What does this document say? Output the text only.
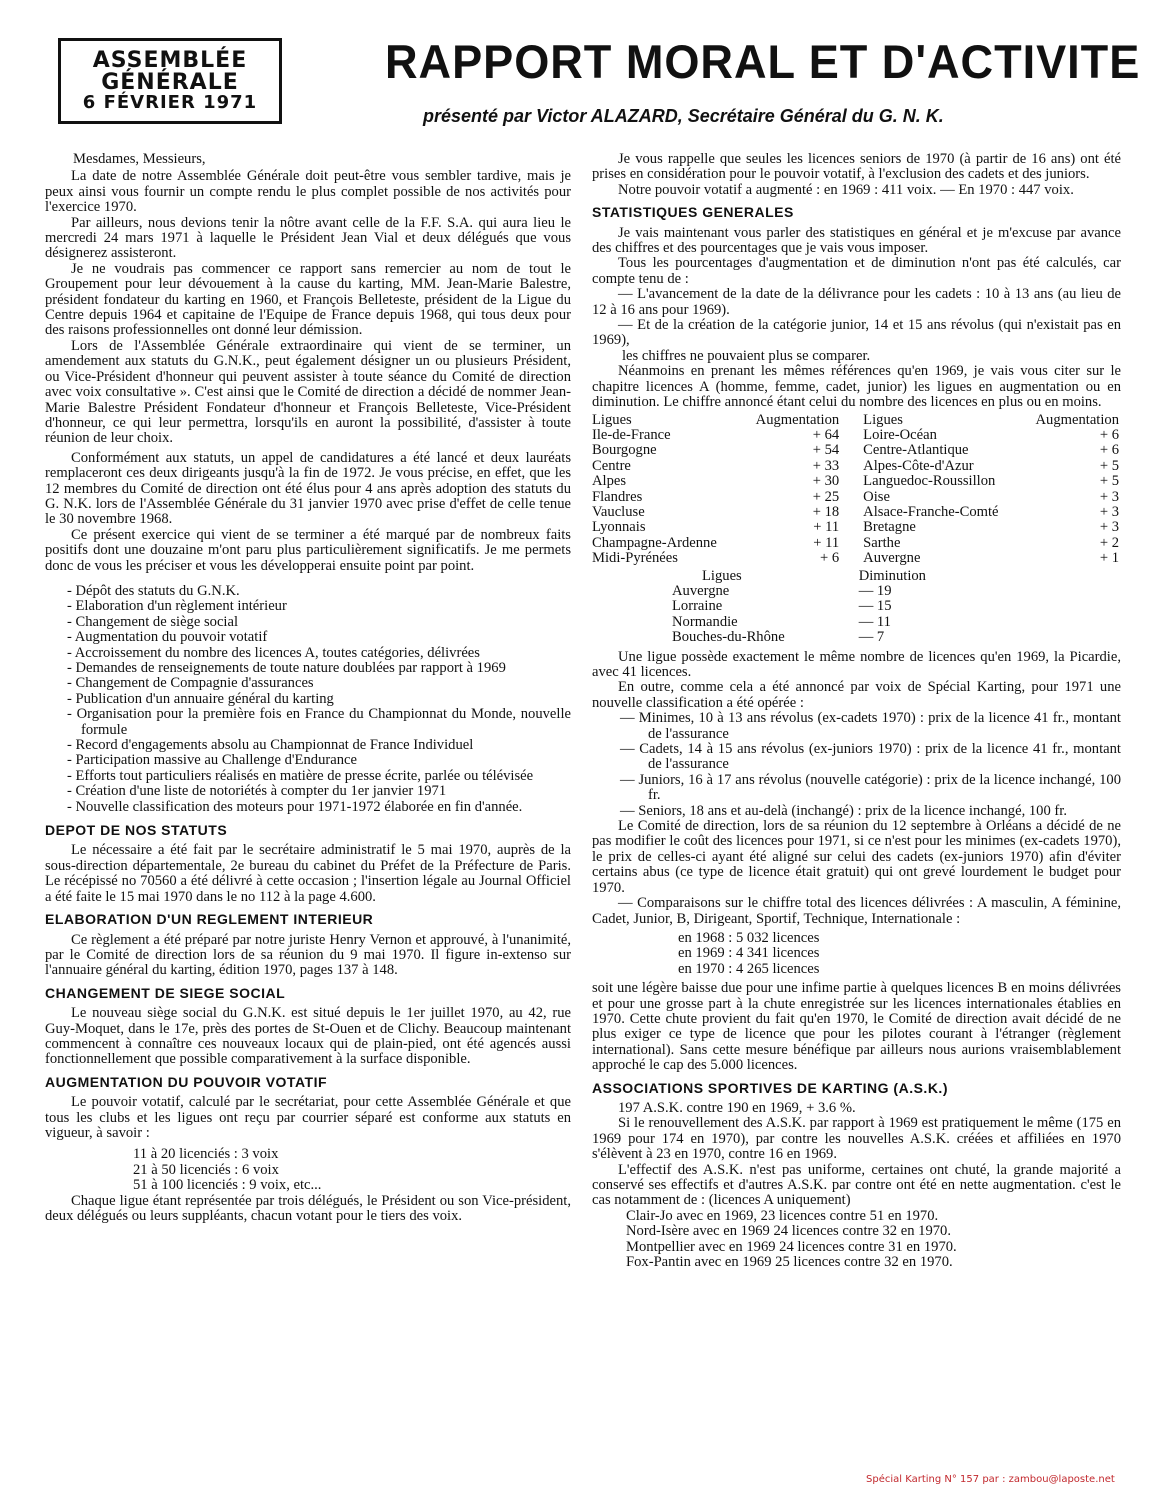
ASSEMBLÉE
GÉNÉRALE
6 FÉVRIER 1971
RAPPORT MORAL ET D'ACTIVITE
présenté par Victor ALAZARD, Secrétaire Général du G. N. K.

Mesdames, Messieurs,

La date de notre Assemblée Générale doit peut-être vous sembler tardive, mais je peux ainsi vous fournir un compte rendu le plus complet possible de nos activités pour l'exercice 1970.

Par ailleurs, nous devions tenir la nôtre avant celle de la F.F. S.A. qui aura lieu le mercredi 24 mars 1971 à laquelle le Président Jean Vial et deux délégués que vous désignerez assisteront.

Je ne voudrais pas commencer ce rapport sans remercier au nom de tout le Groupement pour leur dévouement à la cause du karting, MM. Jean-Marie Balestre, président fondateur du karting en 1960, et François Belleteste, président de la Ligue du Centre depuis 1964 et capitaine de l'Equipe de France depuis 1968, qui tous deux pour des raisons professionnelles ont donné leur démission.

Lors de l'Assemblée Générale extraordinaire qui vient de se terminer, un amendement aux statuts du G.N.K., peut également désigner un ou plusieurs Président, ou Vice-Président d'honneur qui peuvent assister à toute séance du Comité de direction avec voix consultative ». C'est ainsi que le Comité de direction a décidé de nommer Jean-Marie Balestre Président Fondateur d'honneur et François Belleteste, Vice-Président d'honneur, ce qui leur permettra, lorsqu'ils en auront la possibilité, d'assister à toute réunion de leur choix.

Conformément aux statuts, un appel de candidatures a été lancé et deux lauréats remplaceront ces deux dirigeants jusqu'à la fin de 1972. Je vous précise, en effet, que les 12 membres du Comité de direction ont été élus pour 4 ans après adoption des statuts du G. N.K. lors de l'Assemblée Générale du 31 janvier 1970 avec prise d'effet de celle tenue le 30 novembre 1968.

Ce présent exercice qui vient de se terminer a été marqué par de nombreux faits positifs dont une douzaine m'ont paru plus particulièrement significatifs. Je me permets donc de vous les préciser et vous les développerai ensuite point par point.

- Dépôt des statuts du G.N.K.
- Elaboration d'un règlement intérieur
- Changement de siège social
- Augmentation du pouvoir votatif
- Accroissement du nombre des licences A, toutes catégories, délivrées
- Demandes de renseignements de toute nature doublées par rapport à 1969
- Changement de Compagnie d'assurances
- Publication d'un annuaire général du karting
- Organisation pour la première fois en France du Championnat du Monde, nouvelle formule
- Record d'engagements absolu au Championnat de France Individuel
- Participation massive au Challenge d'Endurance
- Efforts tout particuliers réalisés en matière de presse écrite, parlée ou télévisée
- Création d'une liste de notoriétés à compter du 1er janvier 1971
- Nouvelle classification des moteurs pour 1971-1972 élaborée en fin d'année.
DEPOT DE NOS STATUTS

Le nécessaire a été fait par le secrétaire administratif le 5 mai 1970, auprès de la sous-direction départementale, 2e bureau du cabinet du Préfet de la Préfecture de Paris. Le récépissé no 70560 a été délivré à cette occasion ; l'insertion légale au Journal Officiel a été faite le 15 mai 1970 dans le no 112 à la page 4.600.

ELABORATION D'UN REGLEMENT INTERIEUR

Ce règlement a été préparé par notre juriste Henry Vernon et approuvé, à l'unanimité, par le Comité de direction lors de sa réunion du 9 mai 1970. Il figure in-extenso sur l'annuaire général du karting, édition 1970, pages 137 à 148.

CHANGEMENT DE SIEGE SOCIAL

Le nouveau siège social du G.N.K. est situé depuis le 1er juillet 1970, au 42, rue Guy-Moquet, dans le 17e, près des portes de St-Ouen et de Clichy. Beaucoup maintenant commencent à connaître ces nouveaux locaux qui de plain-pied, ont été agencés aussi fonctionnellement que possible comparativement à la surface disponible.

AUGMENTATION DU POUVOIR VOTATIF

Le pouvoir votatif, calculé par le secrétariat, pour cette Assemblée Générale et que tous les clubs et les ligues ont reçu par courrier séparé est conforme aux statuts en vigueur, à savoir :

11 à 20 licenciés : 3 voix
21 à 50 licenciés : 6 voix
51 à 100 licenciés : 9 voix, etc...

Chaque ligue étant représentée par trois délégués, le Président ou son Vice-président, deux délégués ou leurs suppléants, chacun votant pour le tiers des voix.

Je vous rappelle que seules les licences seniors de 1970 (à partir de 16 ans) ont été prises en considération pour le pouvoir votatif, à l'exclusion des cadets et des juniors.

Notre pouvoir votatif a augmenté : en 1969 : 411 voix. — En 1970 : 447 voix.

STATISTIQUES GENERALES

Je vais maintenant vous parler des statistiques en général et je m'excuse par avance des chiffres et des pourcentages que je vais vous imposer.

Tous les pourcentages d'augmentation et de diminution n'ont pas été calculés, car compte tenu de :

— L'avancement de la date de la délivrance pour les cadets : 10 à 13 ans (au lieu de 12 à 16 ans pour 1969).

— Et de la création de la catégorie junior, 14 et 15 ans révolus (qui n'existait pas en 1969),

les chiffres ne pouvaient plus se comparer.

Néanmoins en prenant les mêmes références qu'en 1969, je vais vous citer sur le chapitre licences A (homme, femme, cadet, junior) les ligues en augmentation ou en diminution. Le chiffre annoncé étant celui du nombre des licences en plus ou en moins.

Ligues	Augmentation	Ligues	Augmentation
Ile-de-France	+ 64	Loire-Océan	+ 6
Bourgogne	+ 54	Centre-Atlantique	+ 6
Centre	+ 33	Alpes-Côte-d'Azur	+ 5
Alpes	+ 30	Languedoc-Roussillon	+ 5
Flandres	+ 25	Oise	+ 3
Vaucluse	+ 18	Alsace-Franche-Comté	+ 3
Lyonnais	+ 11	Bretagne	+ 3
Champagne-Ardenne	+ 11	Sarthe	+ 2
Midi-Pyrénées	+ 6	Auvergne	+ 1
Ligues	Diminution
Auvergne	— 19
Lorraine	— 15
Normandie	— 11
Bouches-du-Rhône	— 7

Une ligue possède exactement le même nombre de licences qu'en 1969, la Picardie, avec 41 licences.

En outre, comme cela a été annoncé par voix de Spécial Karting, pour 1971 une nouvelle classification a été opérée :

— Minimes, 10 à 13 ans révolus (ex-cadets 1970) : prix de la licence 41 fr., montant de l'assurance

— Cadets, 14 à 15 ans révolus (ex-juniors 1970) : prix de la licence 41 fr., montant de l'assurance

— Juniors, 16 à 17 ans révolus (nouvelle catégorie) : prix de la licence inchangé, 100 fr.

— Seniors, 18 ans et au-delà (inchangé) : prix de la licence inchangé, 100 fr.

Le Comité de direction, lors de sa réunion du 12 septembre à Orléans a décidé de ne pas modifier le coût des licences pour 1971, si ce n'est pour les minimes (ex-cadets 1970), le prix de celles-ci ayant été aligné sur celui des cadets (ex-juniors 1970) afin d'éviter certains abus (ce type de licence était gratuit) qui ont grevé lourdement le budget pour 1970.

— Comparaisons sur le chiffre total des licences délivrées : A masculin, A féminine, Cadet, Junior, B, Dirigeant, Sportif, Technique, Internationale :

en 1968 : 5 032 licences
en 1969 : 4 341 licences
en 1970 : 4 265 licences

soit une légère baisse due pour une infime partie à quelques licences B en moins délivrées et pour une grosse part à la chute enregistrée sur les licences internationales établies en 1970. Cette chute provient du fait qu'en 1970, le Comité de direction avait décidé de ne plus exiger ce type de licence que pour les pilotes courant à l'étranger (règlement international). Sans cette mesure bénéfique par ailleurs nous aurions vraisemblablement approché le cap des 5.000 licences.

ASSOCIATIONS SPORTIVES DE KARTING (A.S.K.)

197 A.S.K. contre 190 en 1969, + 3.6 %.

Si le renouvellement des A.S.K. par rapport à 1969 est pratiquement le même (175 en 1969 pour 174 en 1970), par contre les nouvelles A.S.K. créées et affiliées en 1970 s'élèvent à 23 en 1970, contre 16 en 1969.

L'effectif des A.S.K. n'est pas uniforme, certaines ont chuté, la grande majorité a conservé ses effectifs et d'autres A.S.K. par contre ont été en nette augmentation. c'est le cas notamment de : (licences A uniquement)

Clair-Jo avec en 1969, 23 licences contre 51 en 1970.
Nord-Isère avec en 1969 24 licences contre 32 en 1970.
Montpellier avec en 1969 24 licences contre 31 en 1970.
Fox-Pantin avec en 1969 25 licences contre 32 en 1970.
Spécial Karting N° 157 par : zambou@laposte.net
